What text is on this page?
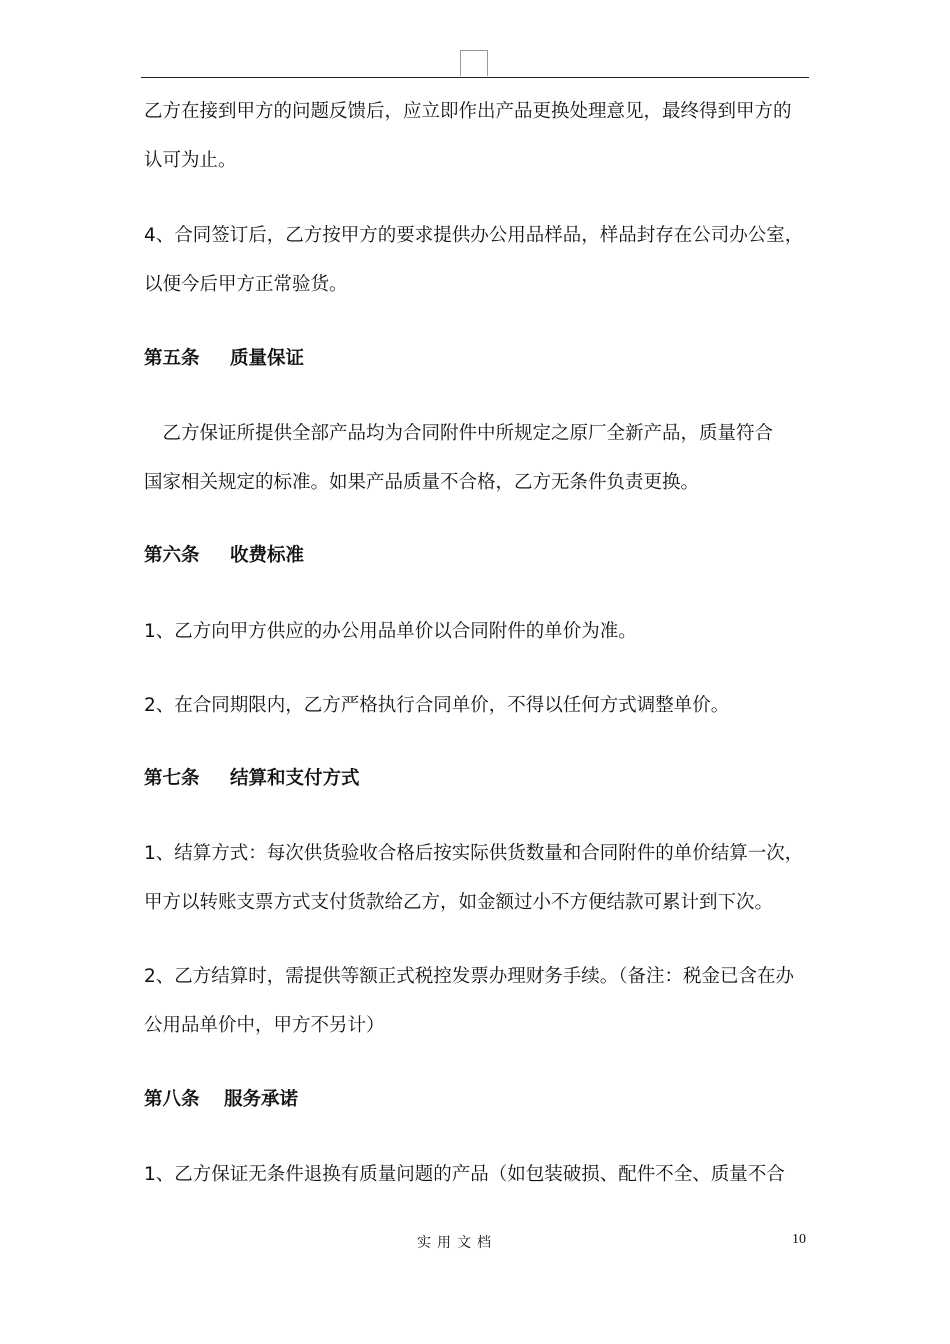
乙方在接到甲方的问题反馈后，应立即作出产品更换处理意见，最终得到甲方的
认可为止。
4、合同签订后，乙方按甲方的要求提供办公用品样品，样品封存在公司办公室，
以便今后甲方正常验货。
第五条 质量保证
　乙方保证所提供全部产品均为合同附件中所规定之原厂全新产品，质量符合
国家相关规定的标准。如果产品质量不合格，乙方无条件负责更换。
第六条 收费标准
1、乙方向甲方供应的办公用品单价以合同附件的单价为准。
2、在合同期限内，乙方严格执行合同单价，不得以任何方式调整单价。
第七条 结算和支付方式
1、结算方式：每次供货验收合格后按实际供货数量和合同附件的单价结算一次，
甲方以转账支票方式支付货款给乙方，如金额过小不方便结款可累计到下次。
2、乙方结算时，需提供等额正式税控发票办理财务手续。（备注：税金已含在办
公用品单价中，甲方不另计）
第八条 服务承诺
1、乙方保证无条件退换有质量问题的产品（如包装破损、配件不全、质量不合
实用文档	10
